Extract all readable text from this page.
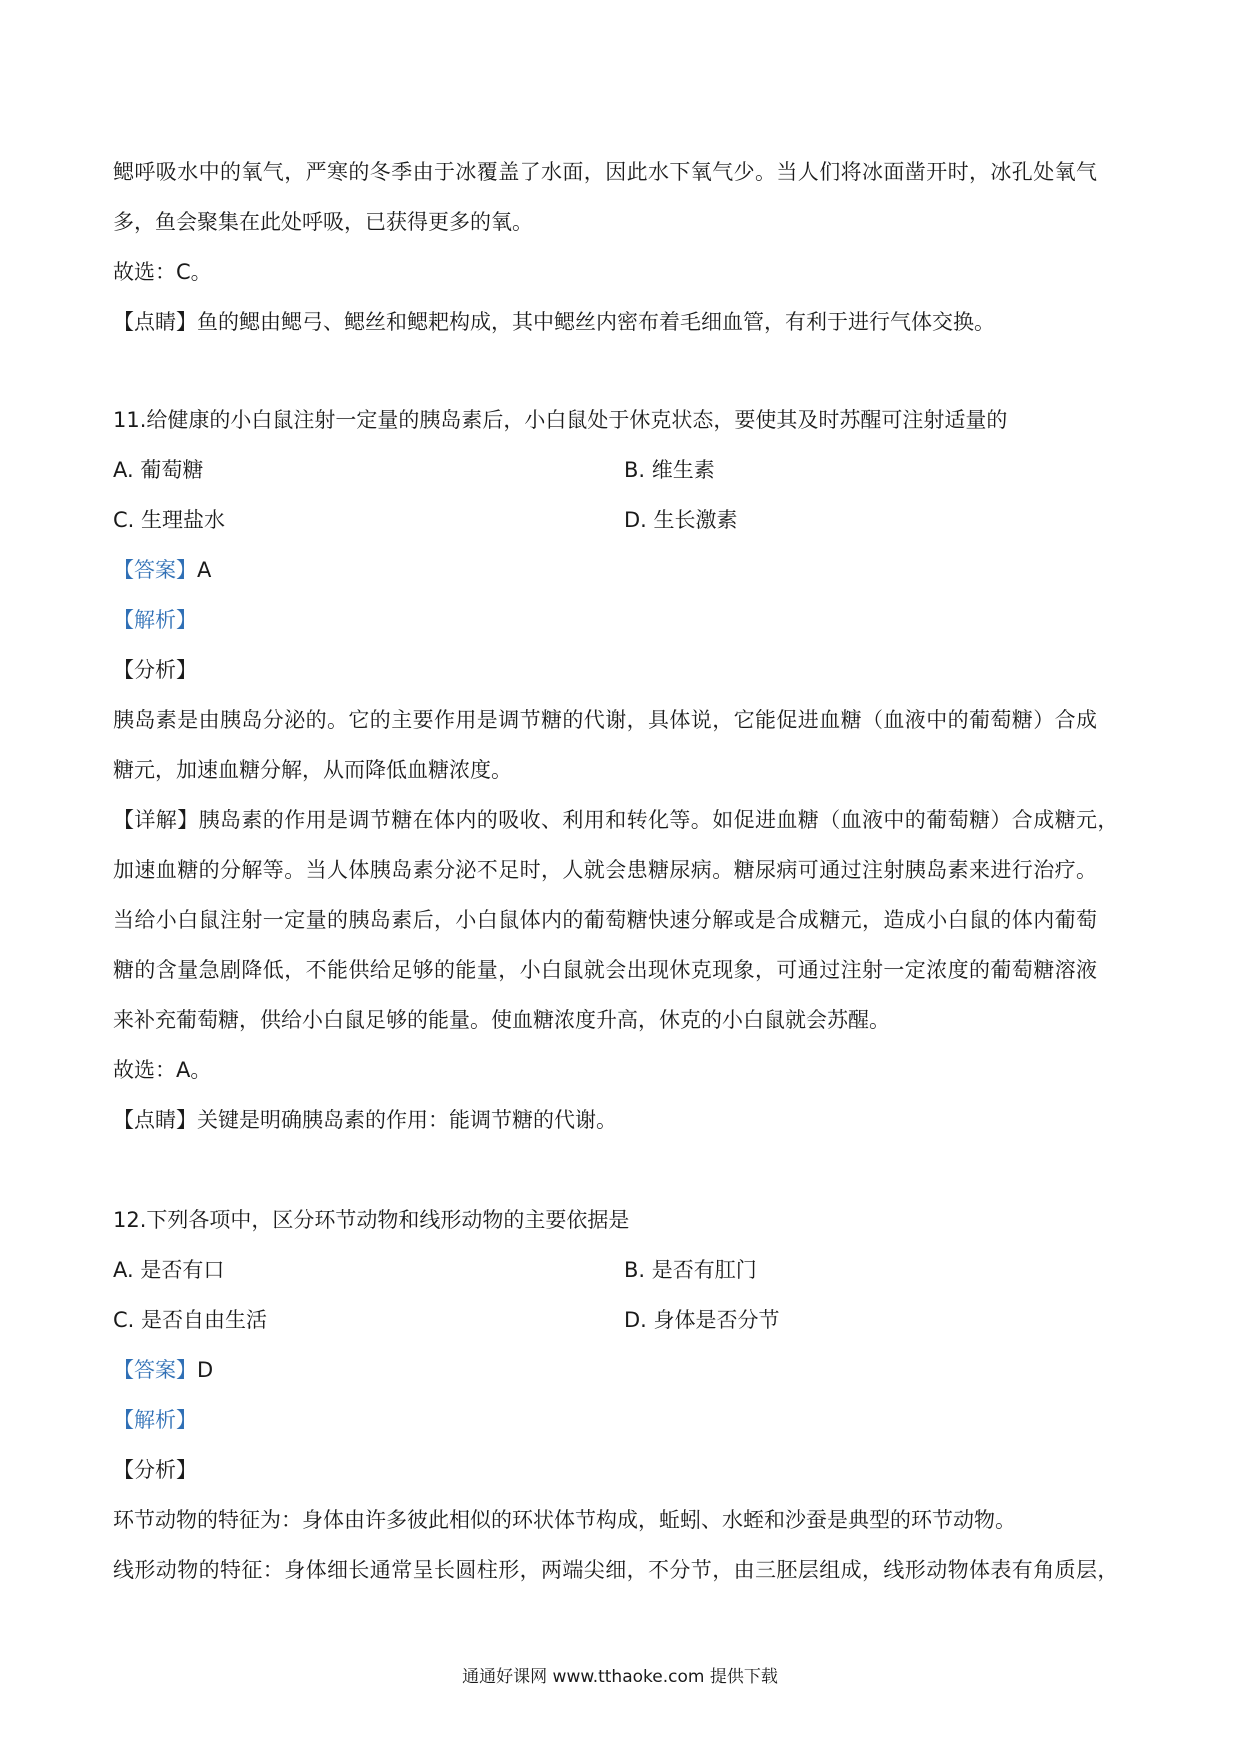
鳃呼吸水中的氧气，严寒的冬季由于冰覆盖了水面，因此水下氧气少。当人们将冰面凿开时，冰孔处氧气
多，鱼会聚集在此处呼吸，已获得更多的氧。
故选：C。
【点睛】鱼的鳃由鳃弓、鳃丝和鳃耙构成，其中鳃丝内密布着毛细血管，有利于进行气体交换。
11.给健康的小白鼠注射一定量的胰岛素后，小白鼠处于休克状态，要使其及时苏醒可注射适量的
A. 葡萄糖	B. 维生素
C. 生理盐水	D. 生长激素
【答案】A
【解析】
【分析】
胰岛素是由胰岛分泌的。它的主要作用是调节糖的代谢，具体说，它能促进血糖（血液中的葡萄糖）合成
糖元，加速血糖分解，从而降低血糖浓度。
【详解】胰岛素的作用是调节糖在体内的吸收、利用和转化等。如促进血糖（血液中的葡萄糖）合成糖元，
加速血糖的分解等。当人体胰岛素分泌不足时，人就会患糖尿病。糖尿病可通过注射胰岛素来进行治疗。
当给小白鼠注射一定量的胰岛素后，小白鼠体内的葡萄糖快速分解或是合成糖元，造成小白鼠的体内葡萄
糖的含量急剧降低，不能供给足够的能量，小白鼠就会出现休克现象，可通过注射一定浓度的葡萄糖溶液
来补充葡萄糖，供给小白鼠足够的能量。使血糖浓度升高，休克的小白鼠就会苏醒。
故选：A。
【点睛】关键是明确胰岛素的作用：能调节糖的代谢。
12.下列各项中，区分环节动物和线形动物的主要依据是
A. 是否有口	B. 是否有肛门
C. 是否自由生活	D. 身体是否分节
【答案】D
【解析】
【分析】
环节动物的特征为：身体由许多彼此相似的环状体节构成，蚯蚓、水蛭和沙蚕是典型的环节动物。
线形动物的特征：身体细长通常呈长圆柱形，两端尖细，不分节，由三胚层组成，线形动物体表有角质层，
通通好课网 www.tthaoke.com 提供下载
